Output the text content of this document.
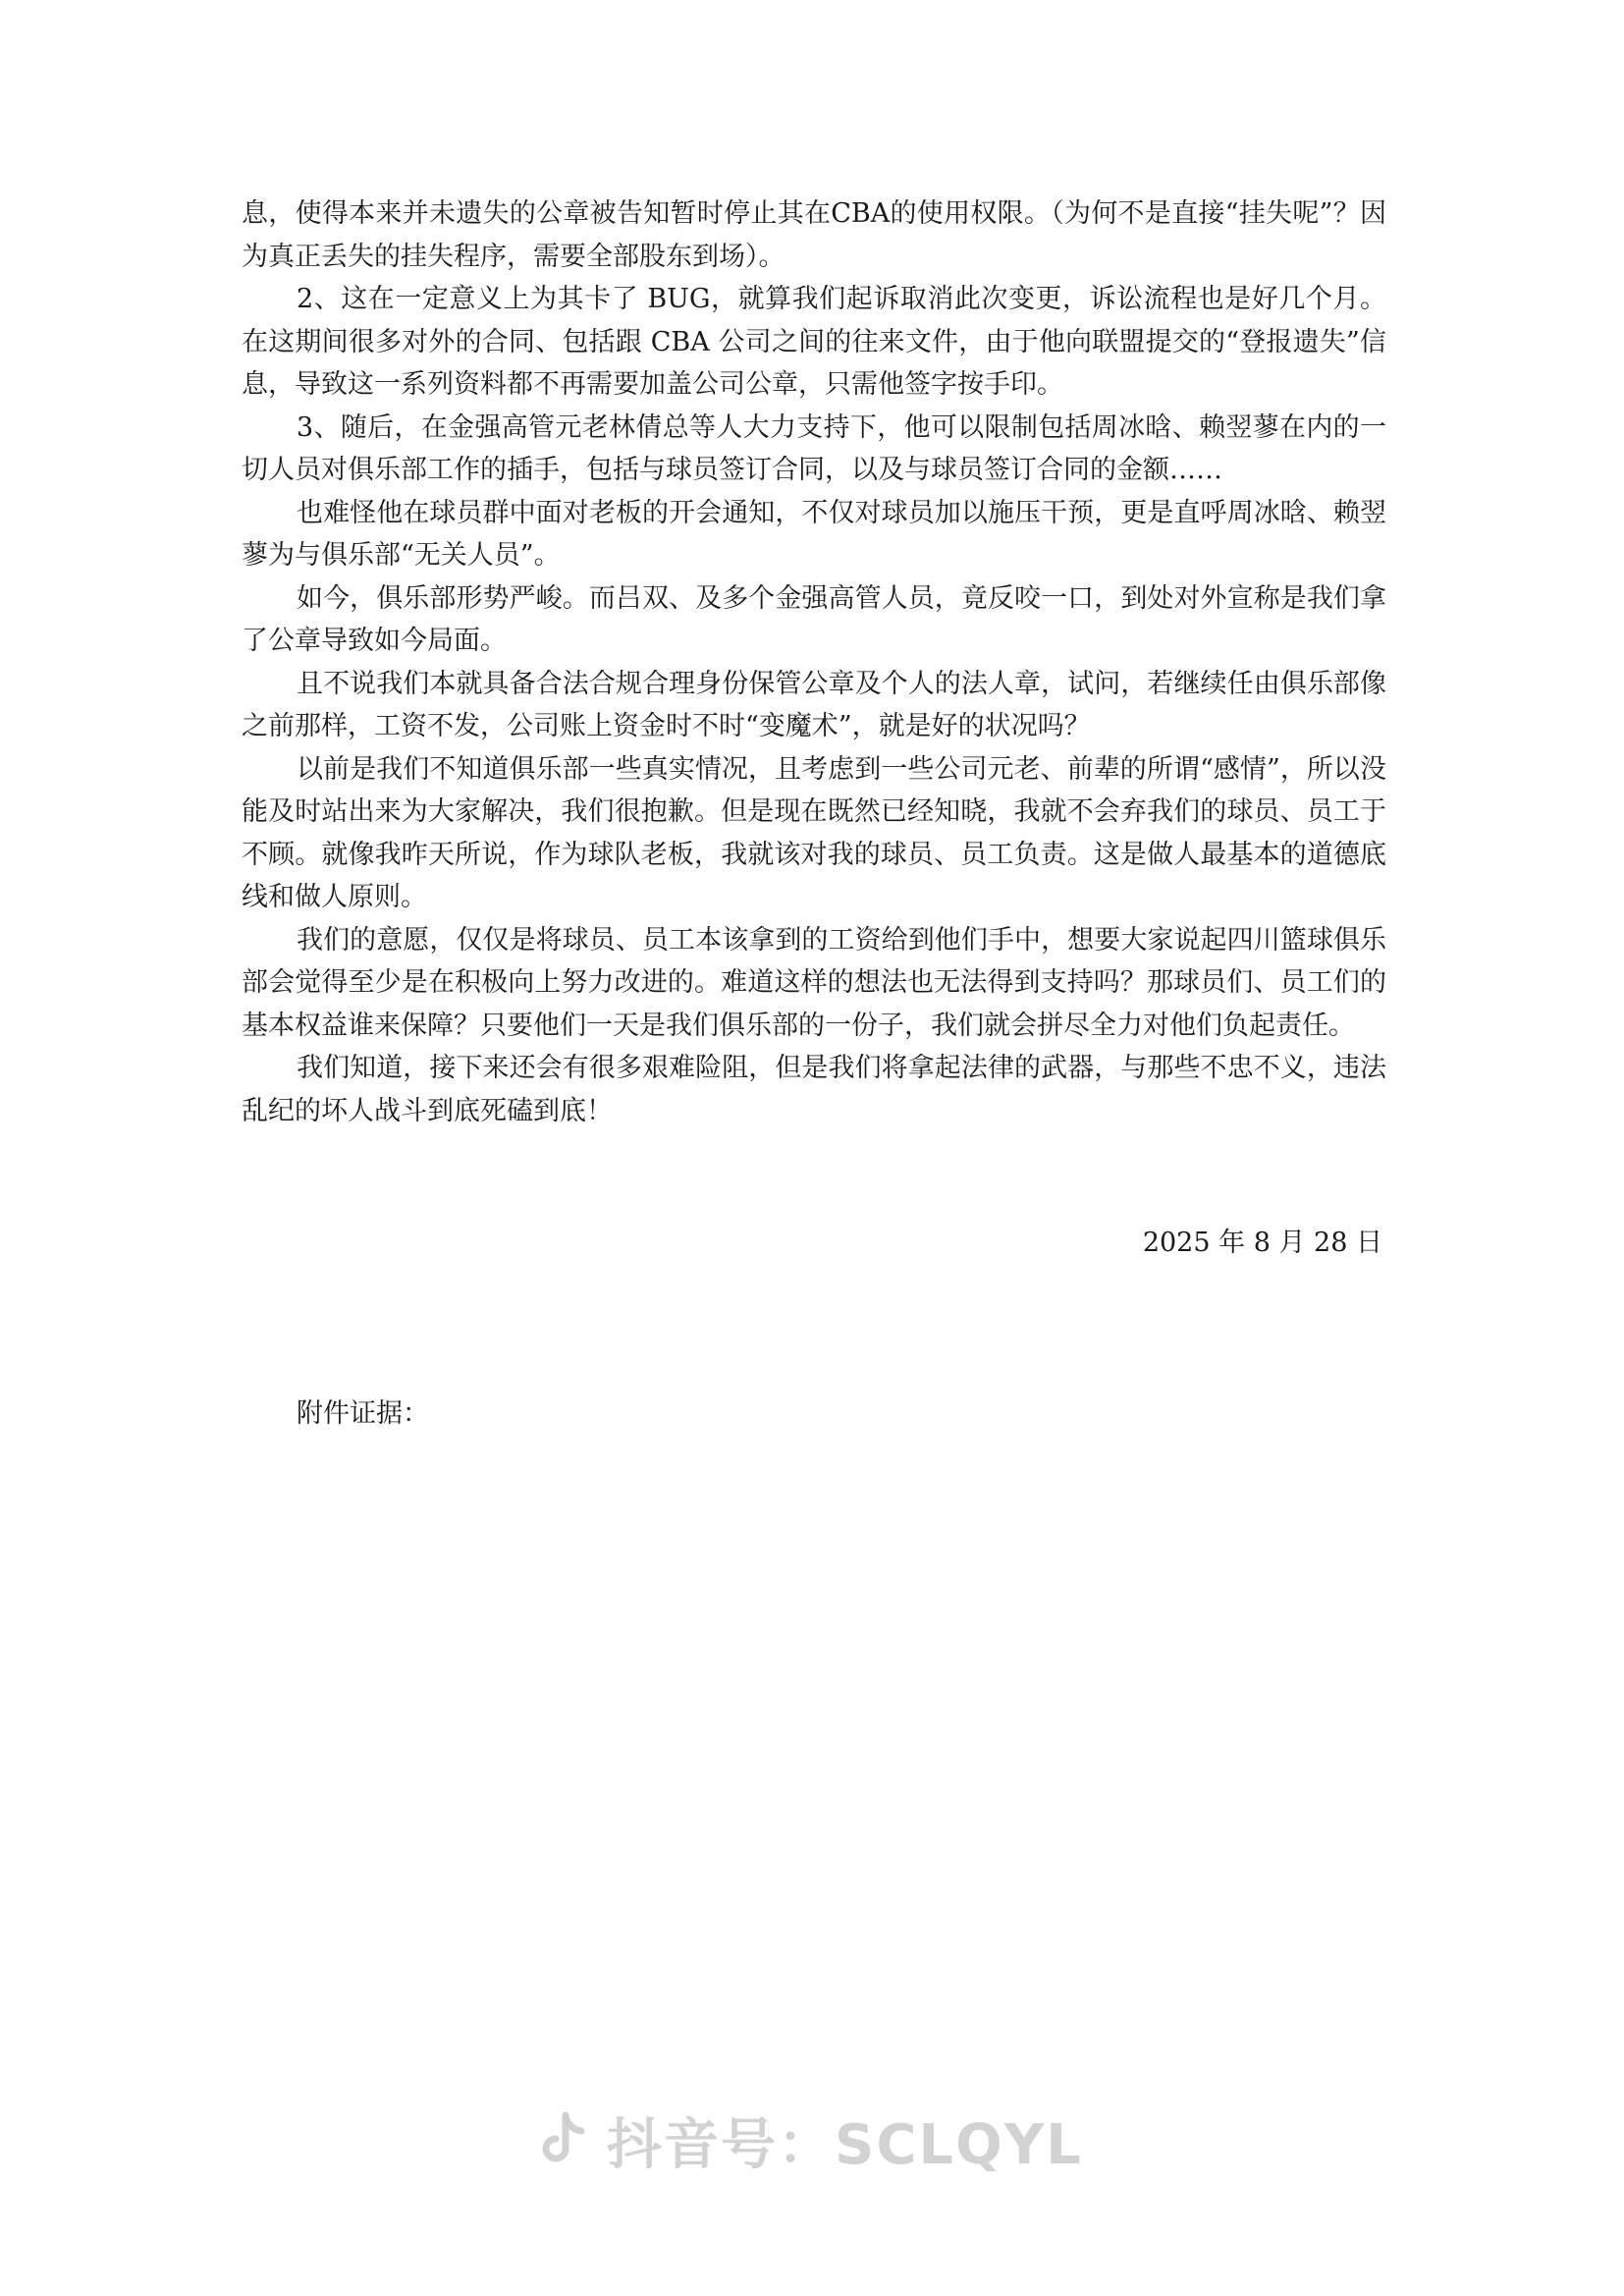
息，使得本来并未遗失的公章被告知暂时停止其在CBA的使用权限。（为何不是直接“挂失呢”？因为真正丢失的挂失程序，需要全部股东到场）。

2、这在一定意义上为其卡了 BUG，就算我们起诉取消此次变更，诉讼流程也是好几个月。在这期间很多对外的合同、包括跟 CBA 公司之间的往来文件，由于他向联盟提交的“登报遗失”信息，导致这一系列资料都不再需要加盖公司公章，只需他签字按手印。

3、随后，在金强高管元老林倩总等人大力支持下，他可以限制包括周冰晗、赖翌蓼在内的一切人员对俱乐部工作的插手，包括与球员签订合同，以及与球员签订合同的金额……

也难怪他在球员群中面对老板的开会通知，不仅对球员加以施压干预，更是直呼周冰晗、赖翌蓼为与俱乐部“无关人员”。

如今，俱乐部形势严峻。而吕双、及多个金强高管人员，竟反咬一口，到处对外宣称是我们拿了公章导致如今局面。

且不说我们本就具备合法合规合理身份保管公章及个人的法人章，试问，若继续任由俱乐部像之前那样，工资不发，公司账上资金时不时“变魔术”，就是好的状况吗？

以前是我们不知道俱乐部一些真实情况，且考虑到一些公司元老、前辈的所谓“感情”，所以没能及时站出来为大家解决，我们很抱歉。但是现在既然已经知晓，我就不会弃我们的球员、员工于不顾。就像我昨天所说，作为球队老板，我就该对我的球员、员工负责。这是做人最基本的道德底线和做人原则。

我们的意愿，仅仅是将球员、员工本该拿到的工资给到他们手中，想要大家说起四川篮球俱乐部会觉得至少是在积极向上努力改进的。难道这样的想法也无法得到支持吗？那球员们、员工们的基本权益谁来保障？只要他们一天是我们俱乐部的一份子，我们就会拼尽全力对他们负起责任。

我们知道，接下来还会有很多艰难险阻，但是我们将拿起法律的武器，与那些不忠不义，违法乱纪的坏人战斗到底死磕到底！

2025 年 8 月 28 日
附件证据：
抖音号：SCLQYL
